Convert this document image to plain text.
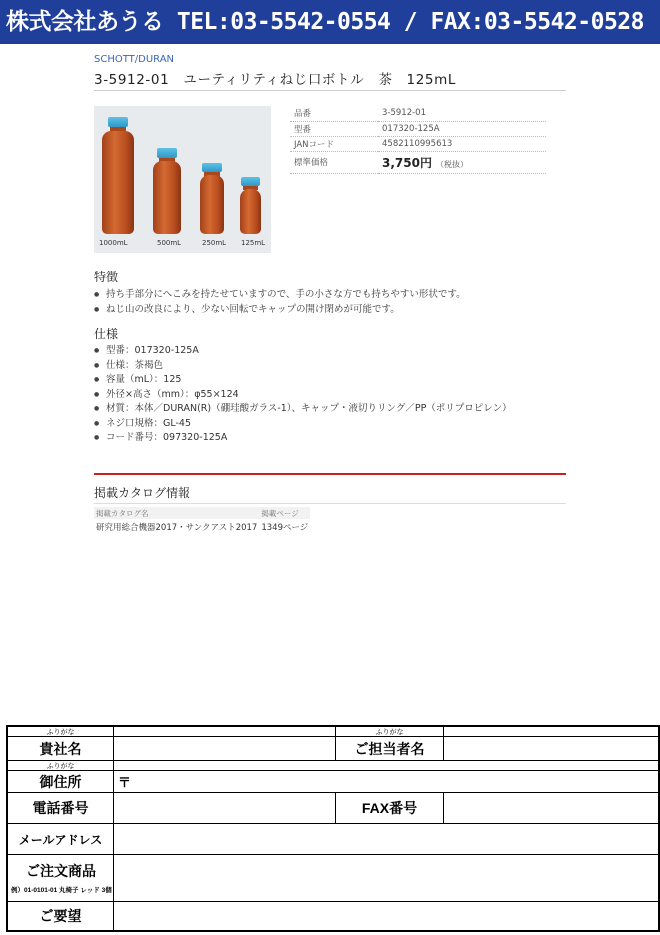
株式会社あうる TEL:03-5542-0554 / FAX:03-5542-0528
SCHOTT/DURAN
3-5912-01　ユーティリティねじ口ボトル　茶　125mL
1000mL	500mL	250mL 125mL
品番	3-5912-01
型番	017320-125A
JANコード	4582110995613
標準価格	3,750円 （税抜）
特徴
● 持ち手部分にへこみを持たせていますので、手の小さな方でも持ちやすい形状です。
● ねじ山の改良により、少ない回転でキャップの開け閉めが可能です。
仕様
● 型番：017320-125A
● 仕様：茶褐色
● 容量（mL）：125
● 外径×高さ（mm）：φ55×124
● 材質：本体／DURAN(R)（硼珪酸ガラス-1）、キャップ・液切りリング／PP（ポリプロピレン）
● ネジ口規格：GL-45
● コード番号：097320-125A
掲載カタログ情報
掲載カタログ名	掲載ページ
研究用総合機器2017・サンクアスト2017	1349ページ
ふりがな	ふりがな
貴社名	ご担当者名
ふりがな
御住所	〒
電話番号	FAX番号
メールアドレス
ご注文商品
例）01-0101-01 丸椅子 レッド 3個
ご要望
